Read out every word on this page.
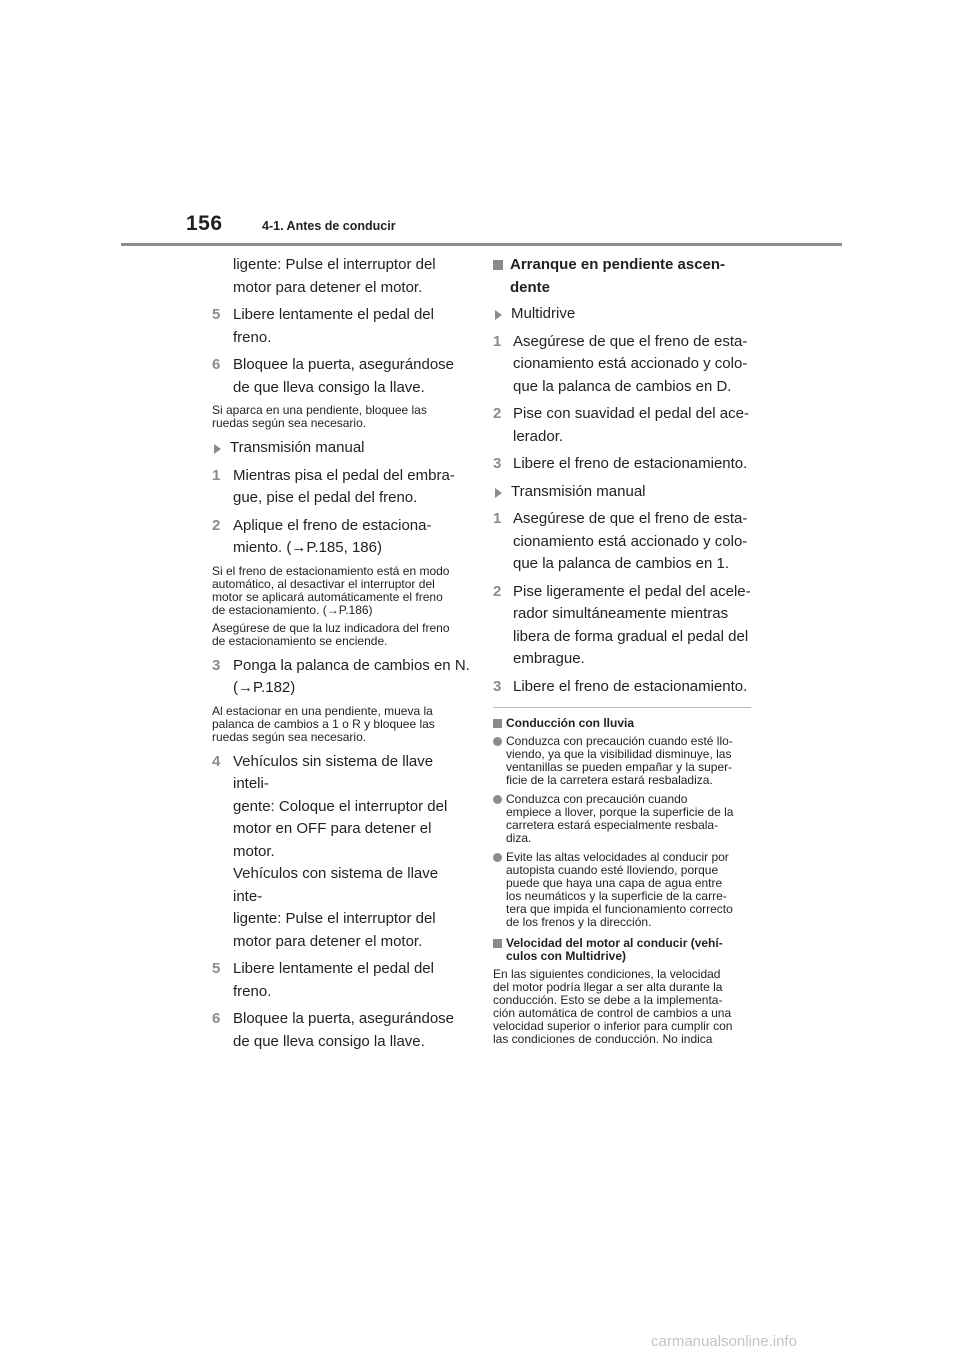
156	4-1. Antes de conducir
ligente: Pulse el interruptor del
motor para detener el motor.
5 Libere lentamente el pedal del
freno.
6 Bloquee la puerta, asegurándose
de que lleva consigo la llave.
Si aparca en una pendiente, bloquee las
ruedas según sea necesario.
Transmisión manual
1 Mientras pisa el pedal del embra-
gue, pise el pedal del freno.
2 Aplique el freno de estaciona-
miento. (→P.185, 186)
Si el freno de estacionamiento está en modo
automático, al desactivar el interruptor del
motor se aplicará automáticamente el freno
de estacionamiento. (→P.186)
Asegúrese de que la luz indicadora del freno
de estacionamiento se enciende.
3 Ponga la palanca de cambios en N.
(→P.182)
Al estacionar en una pendiente, mueva la
palanca de cambios a 1 o R y bloquee las
ruedas según sea necesario.
4 Vehículos sin sistema de llave inteli-
gente: Coloque el interruptor del
motor en OFF para detener el
motor.
Vehículos con sistema de llave inte-
ligente: Pulse el interruptor del
motor para detener el motor.
5 Libere lentamente el pedal del
freno.
6 Bloquee la puerta, asegurándose
de que lleva consigo la llave.
Arranque en pendiente ascen-
dente
Multidrive
1 Asegúrese de que el freno de esta-
cionamiento está accionado y colo-
que la palanca de cambios en D.
2 Pise con suavidad el pedal del ace-
lerador.
3 Libere el freno de estacionamiento.
Transmisión manual
1 Asegúrese de que el freno de esta-
cionamiento está accionado y colo-
que la palanca de cambios en 1.
2 Pise ligeramente el pedal del acele-
rador simultáneamente mientras
libera de forma gradual el pedal del
embrague.
3 Libere el freno de estacionamiento.
Conducción con lluvia
Conduzca con precaución cuando esté llo-
viendo, ya que la visibilidad disminuye, las
ventanillas se pueden empañar y la super-
ficie de la carretera estará resbaladiza.
Conduzca con precaución cuando
empiece a llover, porque la superficie de la
carretera estará especialmente resbala-
diza.
Evite las altas velocidades al conducir por
autopista cuando esté lloviendo, porque
puede que haya una capa de agua entre
los neumáticos y la superficie de la carre-
tera que impida el funcionamiento correcto
de los frenos y la dirección.
Velocidad del motor al conducir (vehí-
culos con Multidrive)
En las siguientes condiciones, la velocidad
del motor podría llegar a ser alta durante la
conducción. Esto se debe a la implementa-
ción automática de control de cambios a una
velocidad superior o inferior para cumplir con
las condiciones de conducción. No indica
carmanualsonline.info
